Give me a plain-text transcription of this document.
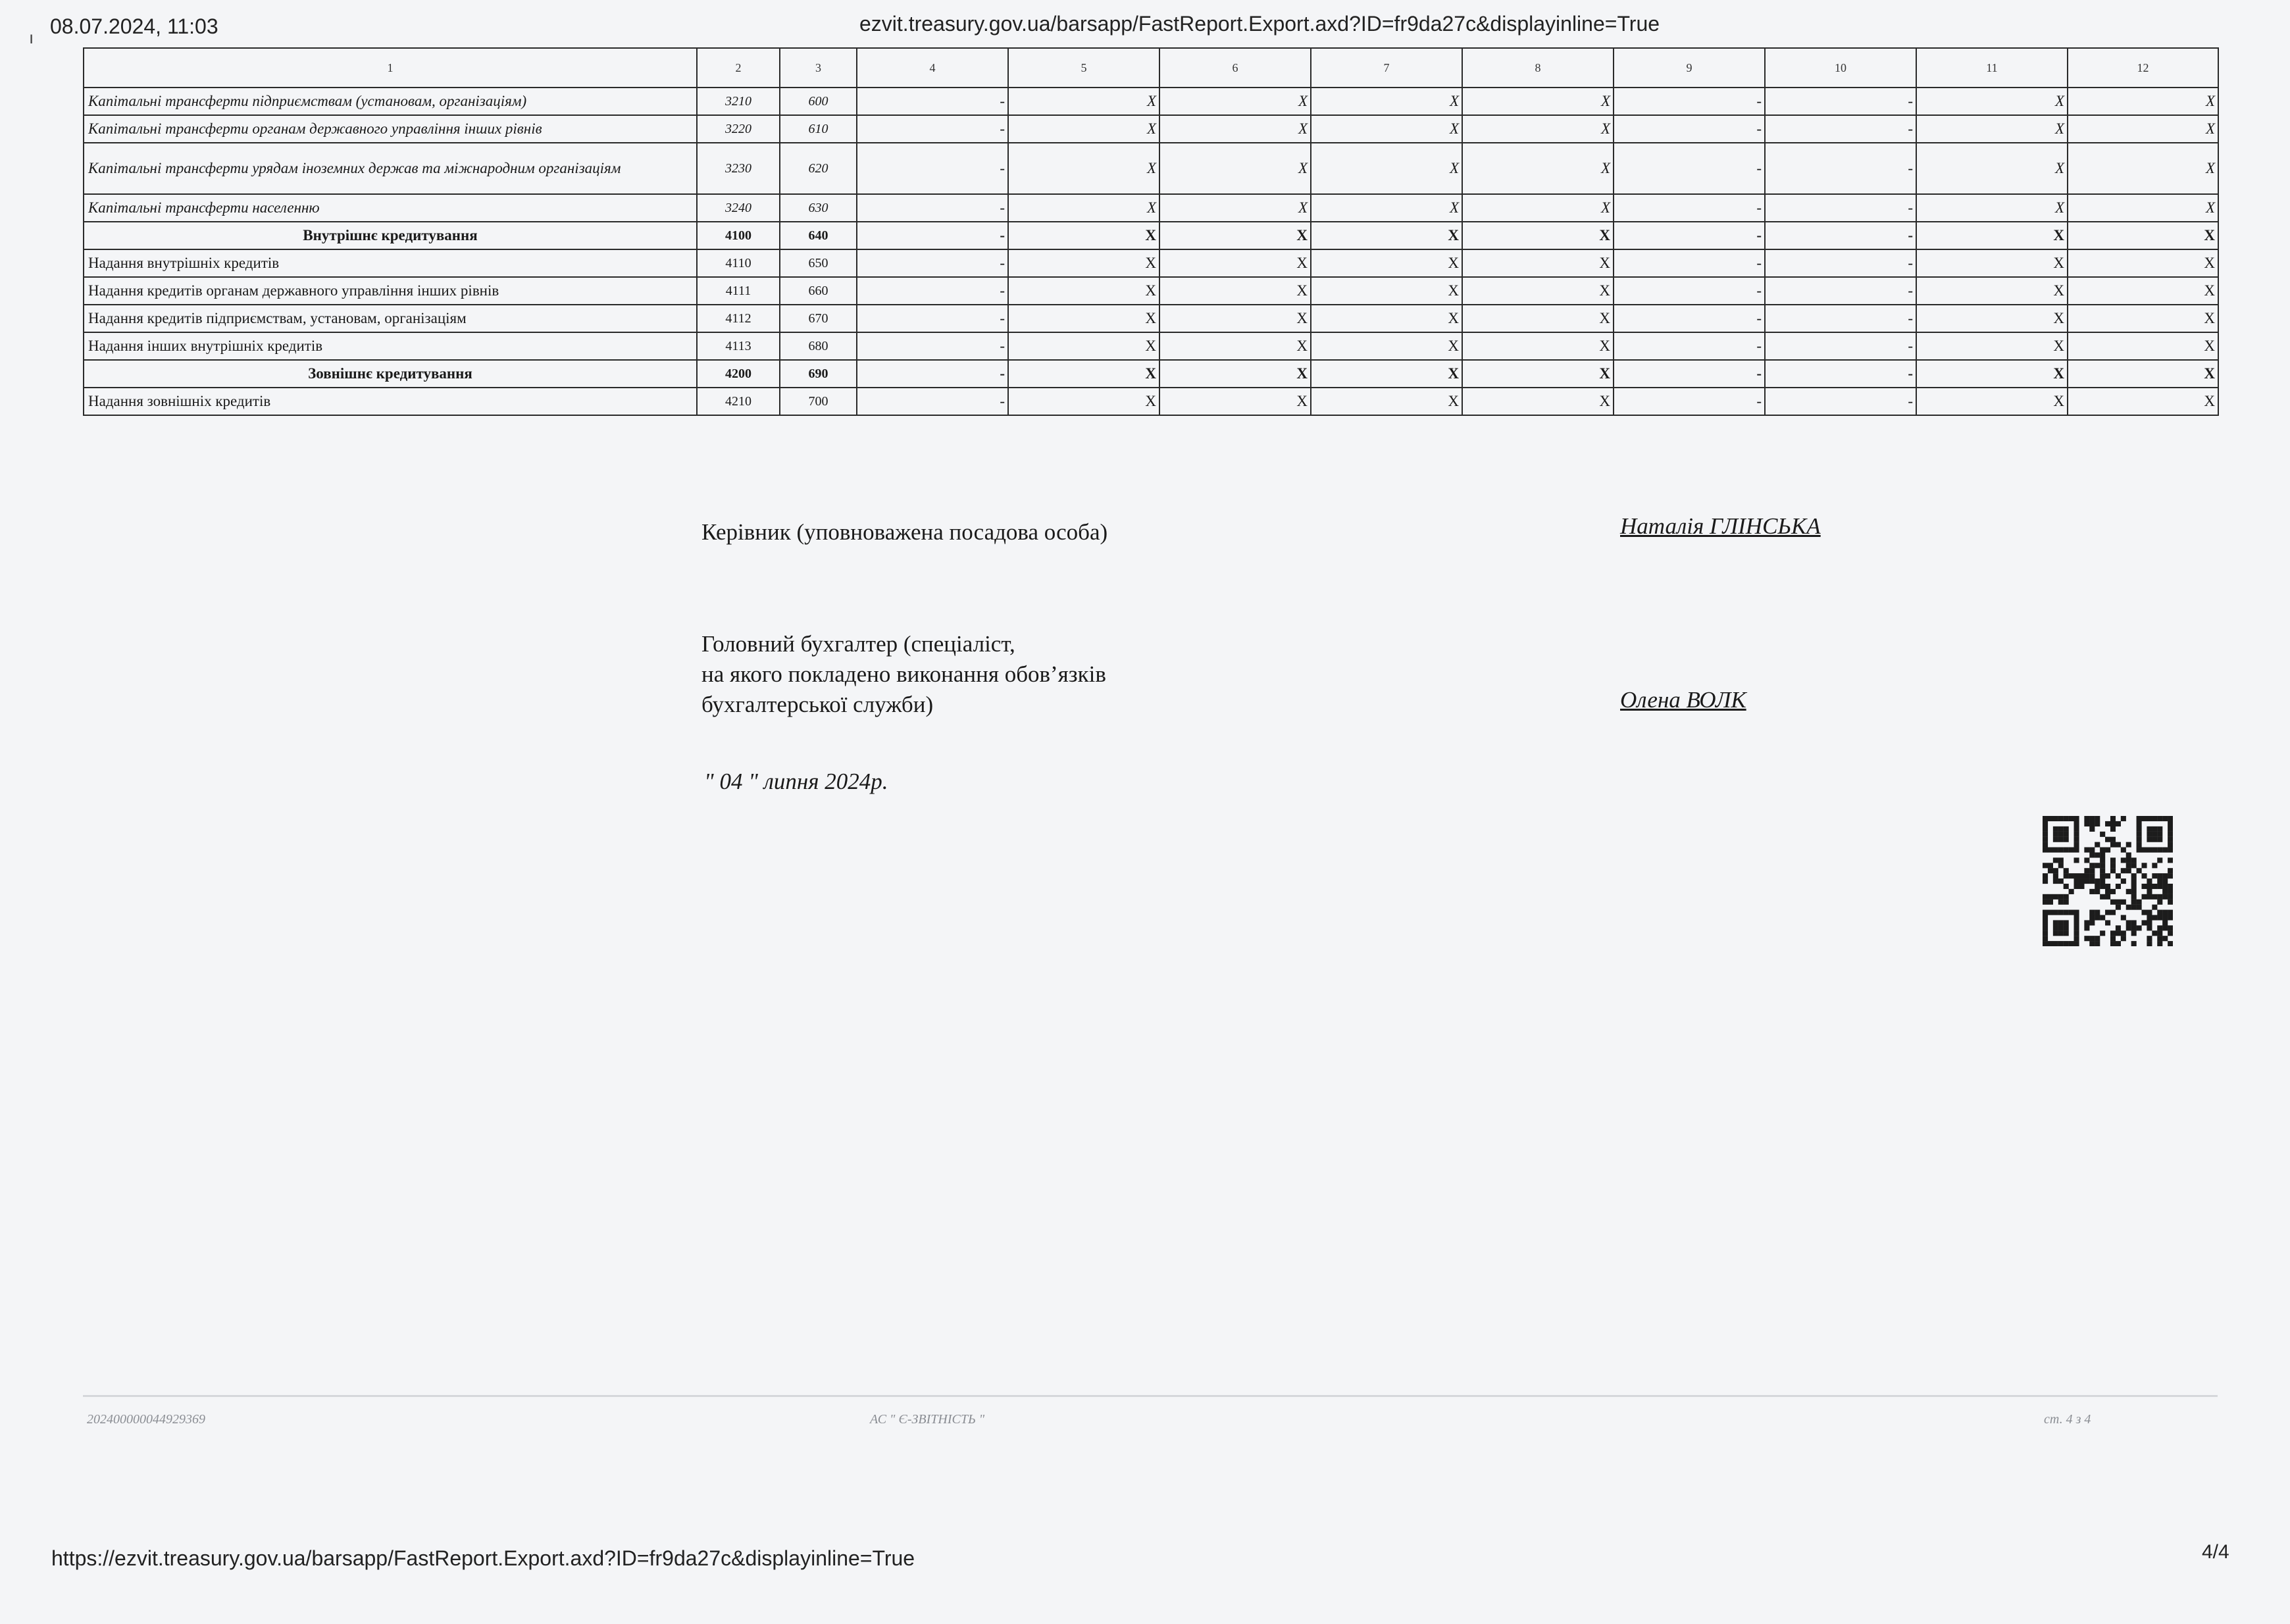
ı 08.07.2024, 11:03	ezvit.treasury.gov.ua/barsapp/FastReport.Export.axd?ID=fr9da27c&displayinline=True
1	2	3	4	5	6	7	8	9	10	11	12
Капітальні трансферти підприємствам (установам, організаціям)	3210	600	-	X	X	X	X	-	-	X	X
Капітальні трансферти органам державного управління інших рівнів	3220	610	-	X	X	X	X	-	-	X	X
Капітальні трансферти урядам іноземних держав та міжнародним організаціям	3230	620	-	X	X	X	X	-	-	X	X
Капітальні трансферти населенню	3240	630	-	X	X	X	X	-	-	X	X
Внутрішнє кредитування	4100	640	-	X	X	X	X	-	-	X	X
Надання внутрішніх кредитів	4110	650	-	X	X	X	X	-	-	X	X
Надання кредитів органам державного управління інших рівнів	4111	660	-	X	X	X	X	-	-	X	X
Надання кредитів підприємствам, установам, організаціям	4112	670	-	X	X	X	X	-	-	X	X
Надання інших внутрішніх кредитів	4113	680	-	X	X	X	X	-	-	X	X
Зовнішнє кредитування	4200	690	-	X	X	X	X	-	-	X	X
Надання зовнішніх кредитів	4210	700	-	X	X	X	X	-	-	X	X
Керівник (уповноважена посадова особа)	Наталія ГЛІНСЬКА
Головний бухгалтер (спеціаліст,
на якого покладено виконання обов’язків
бухгалтерської служби)	Олена ВОЛК
" 04 " липня 2024р.
20240000004492936​9	АС " Є-ЗВІТНІСТЬ "	ст. 4 з 4
https://ezvit.treasury.gov.ua/barsapp/FastReport.Export.axd?ID=fr9da27c&displayinline=True	4/4
